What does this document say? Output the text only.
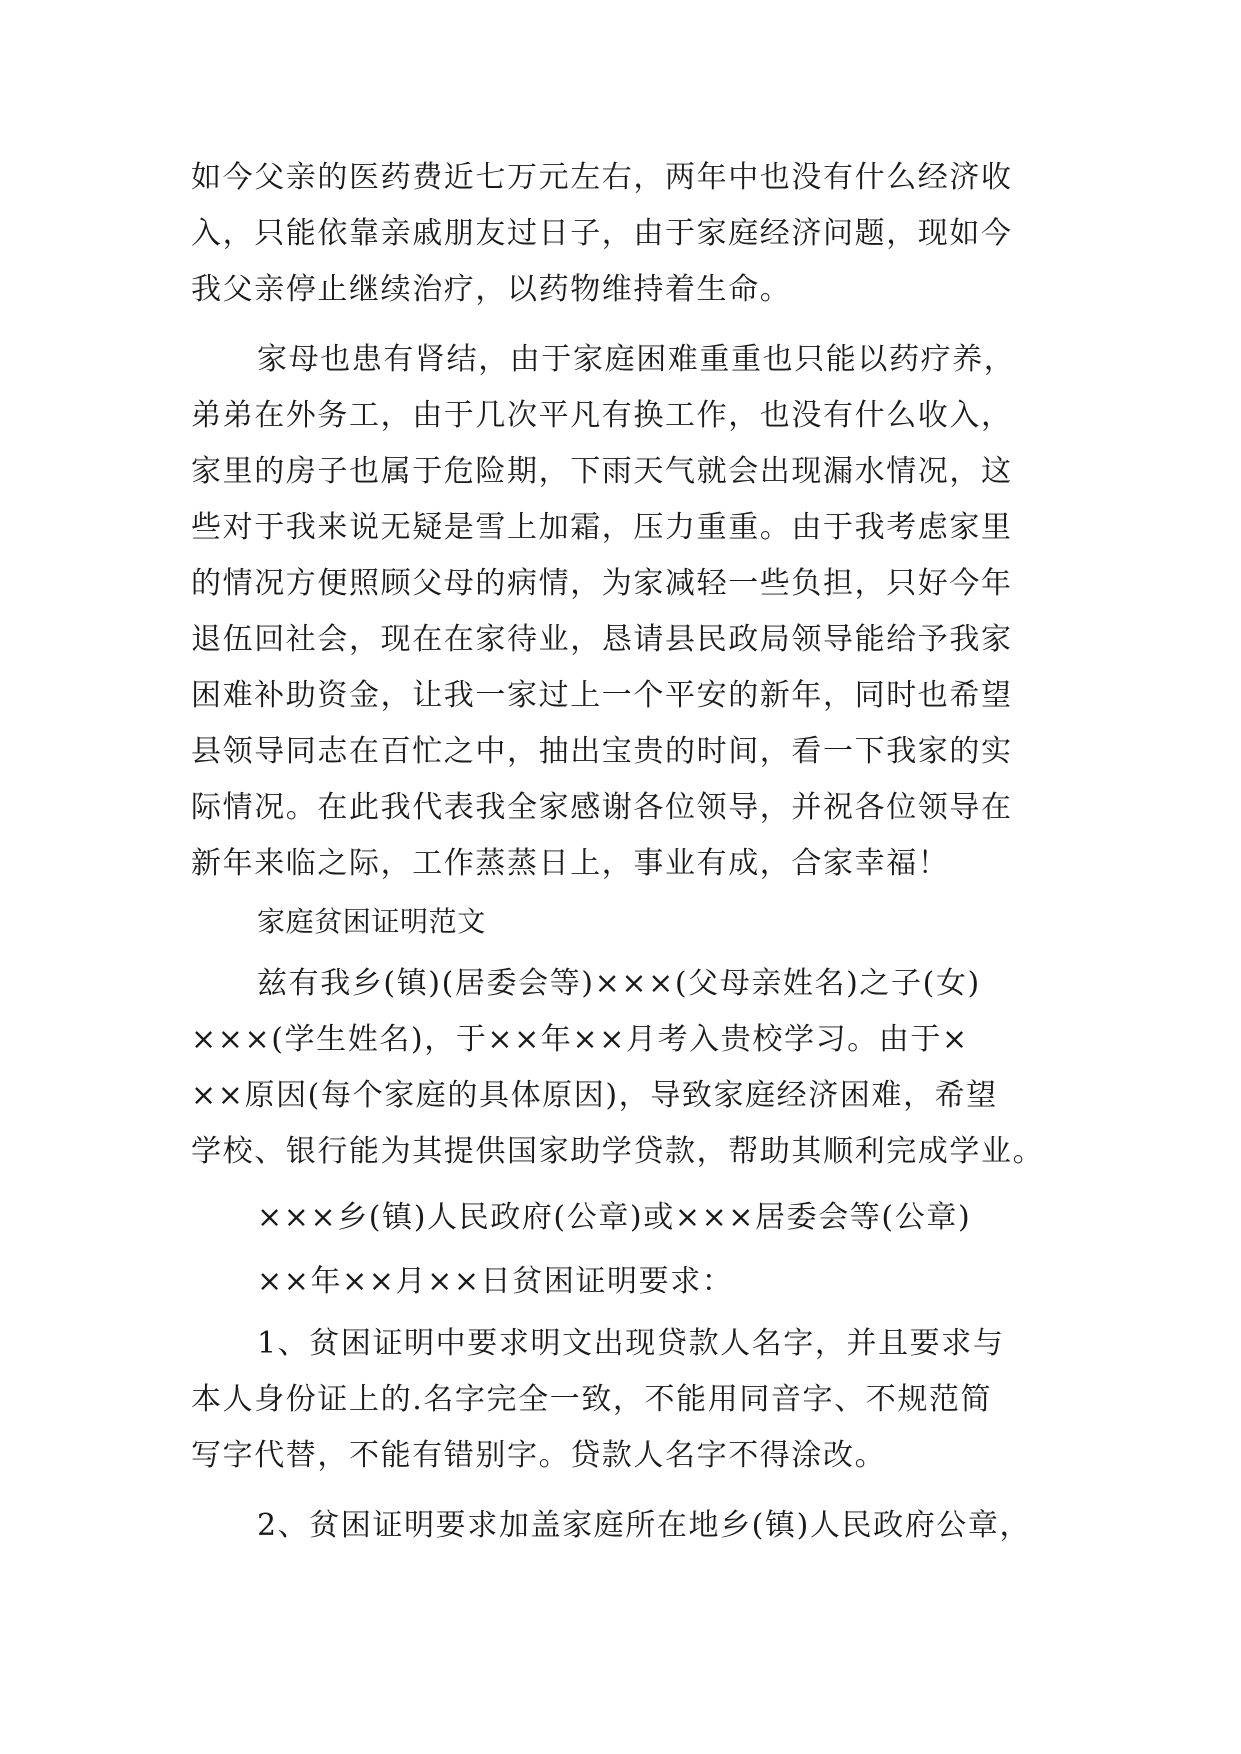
如今父亲的医药费近七万元左右，两年中也没有什么经济收
入，只能依靠亲戚朋友过日子，由于家庭经济问题，现如今
我父亲停止继续治疗，以药物维持着生命。
家母也患有肾结，由于家庭困难重重也只能以药疗养，
弟弟在外务工，由于几次平凡有换工作，也没有什么收入，
家里的房子也属于危险期，下雨天气就会出现漏水情况，这
些对于我来说无疑是雪上加霜，压力重重。由于我考虑家里
的情况方便照顾父母的病情，为家减轻一些负担，只好今年
退伍回社会，现在在家待业，恳请县民政局领导能给予我家
困难补助资金，让我一家过上一个平安的新年，同时也希望
县领导同志在百忙之中，抽出宝贵的时间，看一下我家的实
际情况。在此我代表我全家感谢各位领导，并祝各位领导在
新年来临之际，工作蒸蒸日上，事业有成，合家幸福！
家庭贫困证明范文
兹有我乡(镇)(居委会等)×××(父母亲姓名)之子(女)
×××(学生姓名)，于××年××月考入贵校学习。由于×
××原因(每个家庭的具体原因)，导致家庭经济困难，希望
学校、银行能为其提供国家助学贷款，帮助其顺利完成学业。
×××乡(镇)人民政府(公章)或×××居委会等(公章)
××年××月××日贫困证明要求：
1、贫困证明中要求明文出现贷款人名字，并且要求与
本人身份证上的.名字完全一致，不能用同音字、不规范简
写字代替，不能有错别字。贷款人名字不得涂改。
2、贫困证明要求加盖家庭所在地乡(镇)人民政府公章，
